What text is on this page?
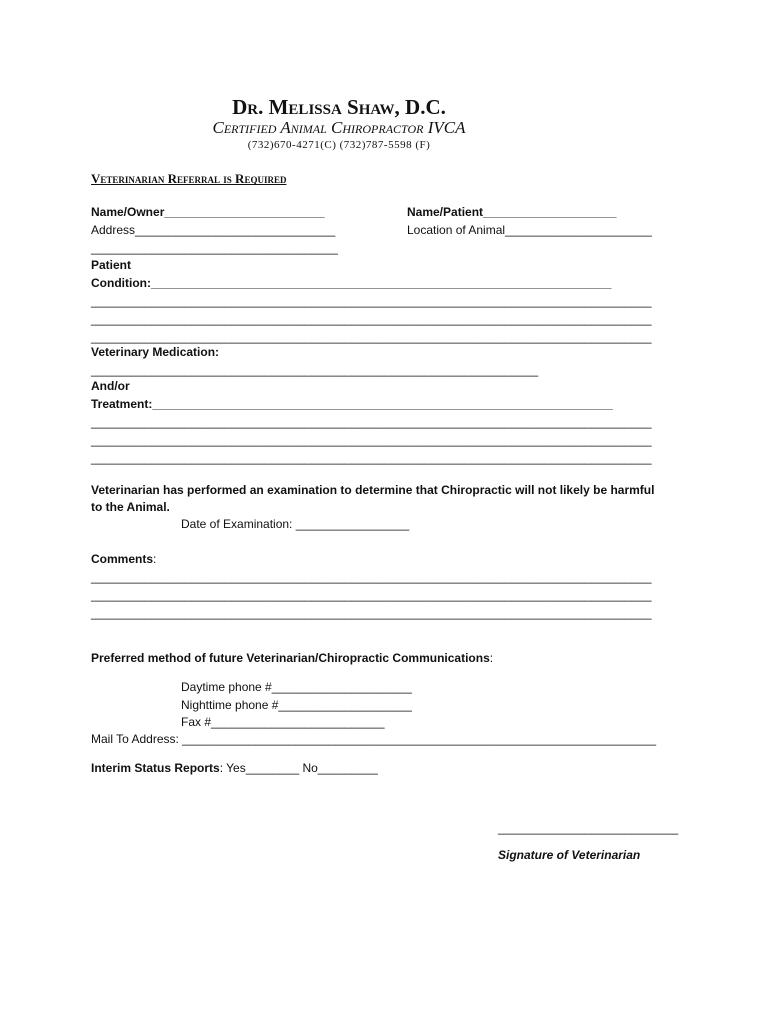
Dr. Melissa Shaw, D.C.
Certified Animal Chiropractor IVCA
(732)670-4271(C) (732)787-5598 (F)
Veterinarian Referral is Required
Name/Owner________________________	Name/Patient____________________
Address______________________________	Location of Animal______________________
_____________________________________
Patient
Condition:_____________________________________________________________________
____________________________________________________________________________________
____________________________________________________________________________________
____________________________________________________________________________________
Veterinary Medication:
___________________________________________________________________
And/or
Treatment:_____________________________________________________________________
____________________________________________________________________________________
____________________________________________________________________________________
____________________________________________________________________________________
Veterinarian has performed an examination to determine that Chiropractic will not likely be harmful
to the Animal.
Date of Examination: _________________
Comments:
____________________________________________________________________________________
____________________________________________________________________________________
____________________________________________________________________________________
Preferred method of future Veterinarian/Chiropractic Communications:
Daytime phone #_____________________
Nighttime phone #____________________
Fax #__________________________
Mail To Address: _______________________________________________________________________
Interim Status Reports: Yes________ No_________
___________________________
Signature of Veterinarian
